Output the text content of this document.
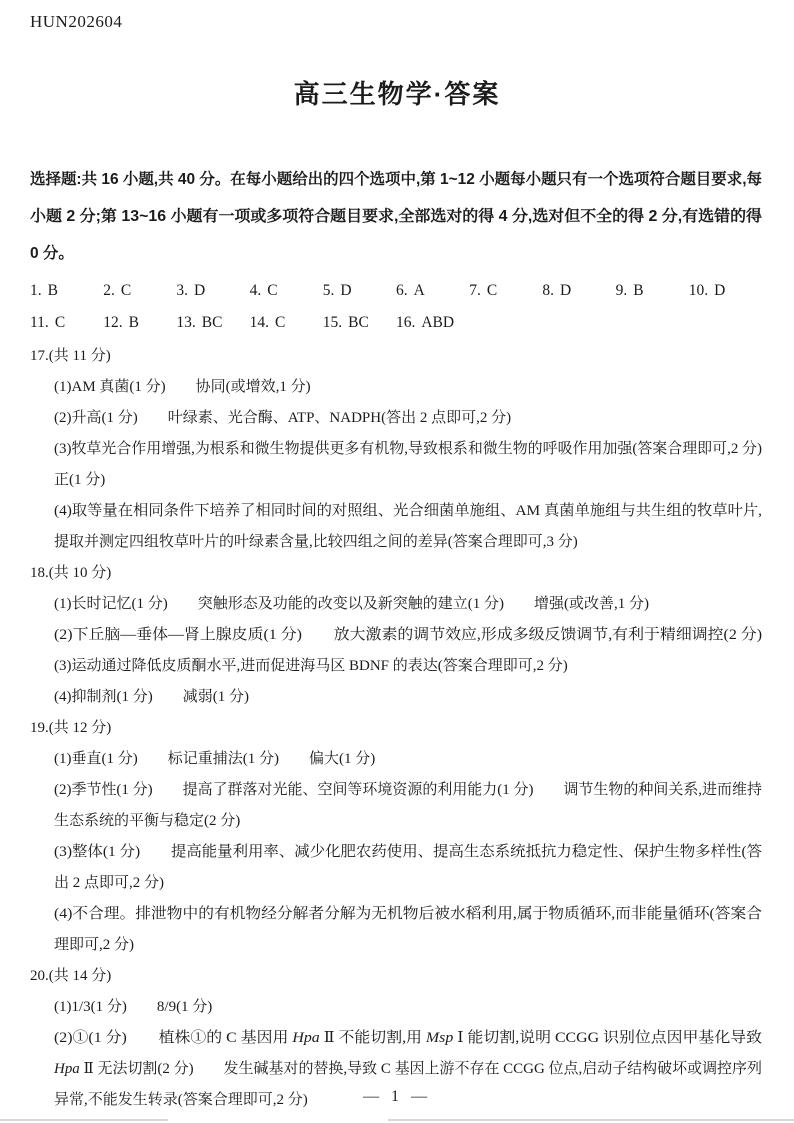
HUN202604
高三生物学·答案
选择题:共 16 小题,共 40 分。在每小题给出的四个选项中,第 1~12 小题每小题只有一个选项符合题目要求,每
小题 2 分;第 13~16 小题有一项或多项符合题目要求,全部选对的得 4 分,选对但不全的得 2 分,有选错的得
0 分。
1. B	2. C	3. D	4. C	5. D	6. A	7. C	8. D	9. B	10. D
11. C	12. B	13. BC	14. C	15. BC	16. ABD
17.(共 11 分)
(1)AM 真菌(1 分)　　协同(或增效,1 分)
(2)升高(1 分)　　叶绿素、光合酶、ATP、NADPH(答出 2 点即可,2 分)
(3)牧草光合作用增强,为根系和微生物提供更多有机物,导致根系和微生物的呼吸作用加强(答案合理即可,2 分)
正(1 分)
(4)取等量在相同条件下培养了相同时间的对照组、光合细菌单施组、AM 真菌单施组与共生组的牧草叶片,
提取并测定四组牧草叶片的叶绿素含量,比较四组之间的差异(答案合理即可,3 分)
18.(共 10 分)
(1)长时记忆(1 分)　　突触形态及功能的改变以及新突触的建立(1 分)　　增强(或改善,1 分)
(2)下丘脑—垂体—肾上腺皮质(1 分)　　放大激素的调节效应,形成多级反馈调节,有利于精细调控(2 分)
(3)运动通过降低皮质酮水平,进而促进海马区 BDNF 的表达(答案合理即可,2 分)
(4)抑制剂(1 分)　　减弱(1 分)
19.(共 12 分)
(1)垂直(1 分)　　标记重捕法(1 分)　　偏大(1 分)
(2)季节性(1 分)　　提高了群落对光能、空间等环境资源的利用能力(1 分)　　调节生物的种间关系,进而维持
生态系统的平衡与稳定(2 分)
(3)整体(1 分)　　提高能量利用率、减少化肥农药使用、提高生态系统抵抗力稳定性、保护生物多样性(答
出 2 点即可,2 分)
(4)不合理。排泄物中的有机物经分解者分解为无机物后被水稻利用,属于物质循环,而非能量循环(答案合
理即可,2 分)
20.(共 14 分)
(1)1/3(1 分)　　8/9(1 分)
(2)①(1 分)　　植株①的 C 基因用 Hpa Ⅱ 不能切割,用 Msp Ⅰ 能切割,说明 CCGG 识别位点因甲基化导致
Hpa Ⅱ 无法切割(2 分)　　发生碱基对的替换,导致 C 基因上游不存在 CCGG 位点,启动子结构破坏或调控序列
异常,不能发生转录(答案合理即可,2 分)	— 1 —
